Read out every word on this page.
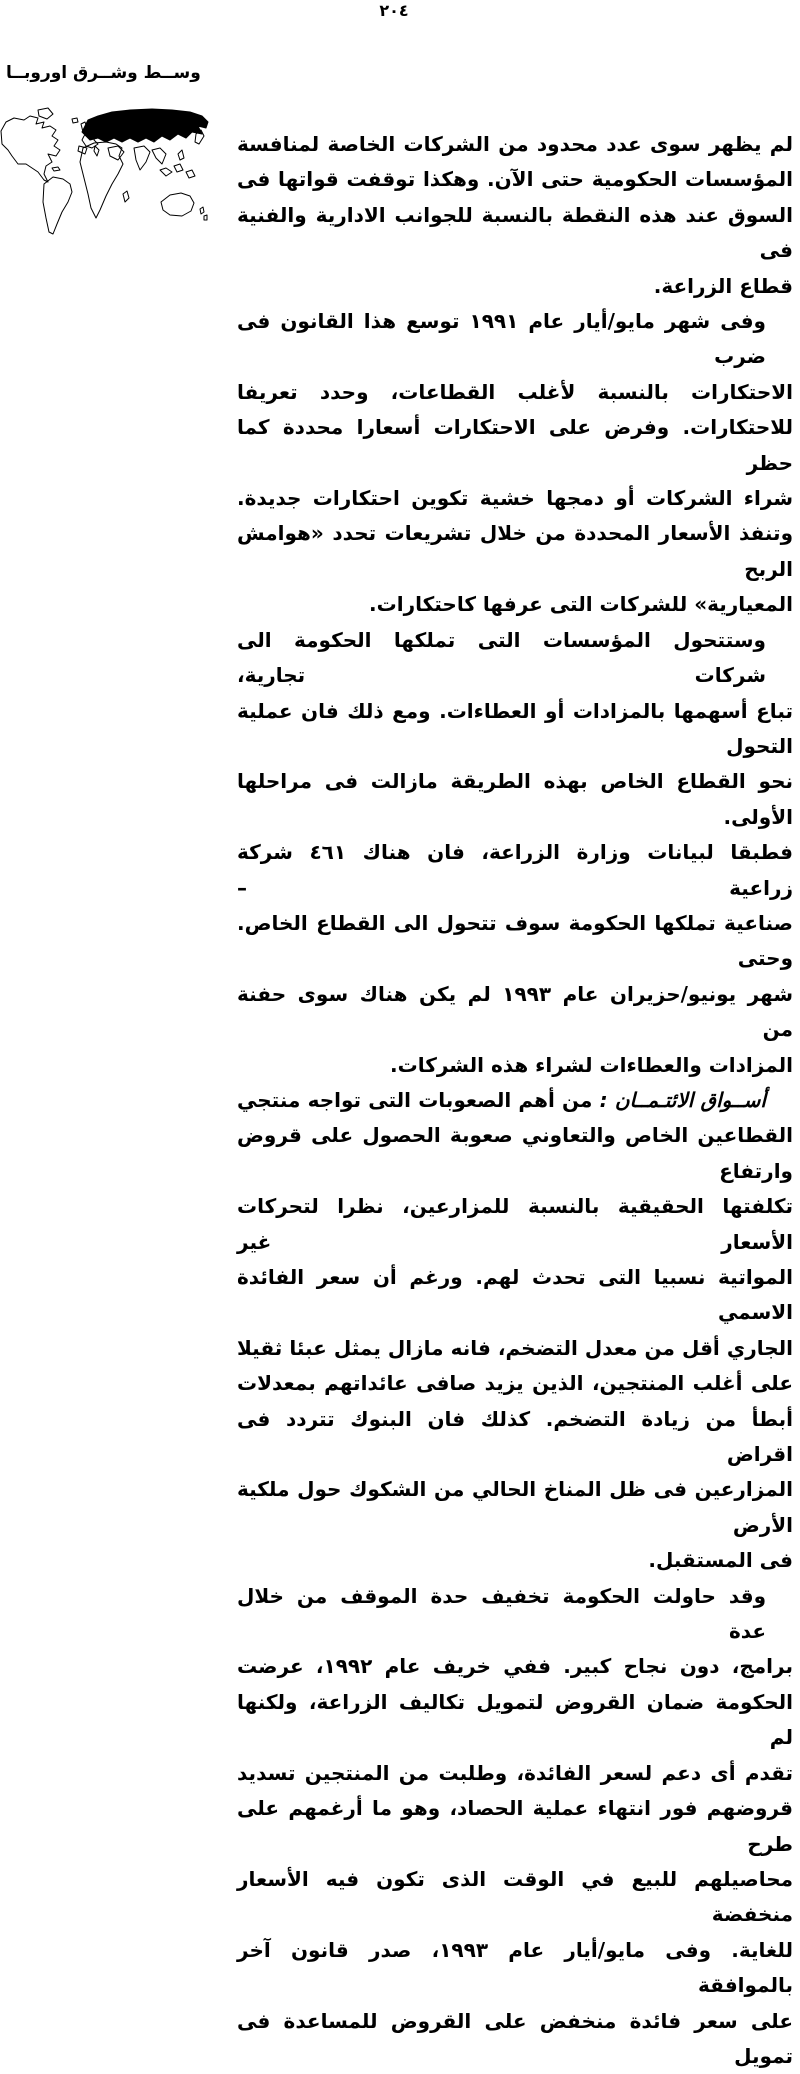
٢٠٤
وســط وشــرق اوروبــا
لم يظهر سوى عدد محدود من الشركات الخاصة لمنافسة
المؤسسات الحكومية حتى الآن. وهكذا توقفت قواتها فى
السوق عند هذه النقطة بالنسبة للجوانب الادارية والفنية فى
قطاع الزراعة.
وفى شهر مايو/أيار عام ١٩٩١ توسع هذا القانون فى ضرب
الاحتكارات بالنسبة لأغلب القطاعات، وحدد تعريفا
للاحتكارات. وفرض على الاحتكارات أسعارا محددة كما حظر
شراء الشركات أو دمجها خشية تكوين احتكارات جديدة.
وتنفذ الأسعار المحددة من خلال تشريعات تحدد «هوامش الربح
المعيارية» للشركات التى عرفها كاحتكارات.
وستتحول المؤسسات التى تملكها الحكومة الى شركات تجارية،
تباع أسهمها بالمزادات أو العطاءات. ومع ذلك فان عملية التحول
نحو القطاع الخاص بهذه الطريقة مازالت فى مراحلها الأولى.
فطبقا لبيانات وزارة الزراعة، فان هناك ٤٦١ شركة زراعية –
صناعية تملكها الحكومة سوف تتحول الى القطاع الخاص. وحتى
شهر يونيو/حزيران عام ١٩٩٣ لم يكن هناك سوى حفنة من
المزادات والعطاءات لشراء هذه الشركات.
أســواق الائتـمــان : من أهم الصعوبات التى تواجه منتجي
القطاعين الخاص والتعاوني صعوبة الحصول على قروض وارتفاع
تكلفتها الحقيقية بالنسبة للمزارعين، نظرا لتحركات الأسعار غير
المواتية نسبيا التى تحدث لهم. ورغم أن سعر الفائدة الاسمي
الجاري أقل من معدل التضخم، فانه مازال يمثل عبئا ثقيلا
على أغلب المنتجين، الذين يزيد صافى عائداتهم بمعدلات
أبطأ من زيادة التضخم. كذلك فان البنوك تتردد فى اقراض
المزارعين فى ظل المناخ الحالي من الشكوك حول ملكية الأرض
فى المستقبل.
وقد حاولت الحكومة تخفيف حدة الموقف من خلال عدة
برامج، دون نجاح كبير. ففي خريف عام ١٩٩٢، عرضت
الحكومة ضمان القروض لتمويل تكاليف الزراعة، ولكنها لم
تقدم أى دعم لسعر الفائدة، وطلبت من المنتجين تسديد
قروضهم فور انتهاء عملية الحصاد، وهو ما أرغمهم على طرح
محاصيلهم للبيع في الوقت الذى تكون فيه الأسعار منخفضة
للغاية. وفى مايو/أيار عام ١٩٩٣، صدر قانون آخر بالموافقة
على سعر فائدة منخفض على القروض للمساعدة فى تمويل
